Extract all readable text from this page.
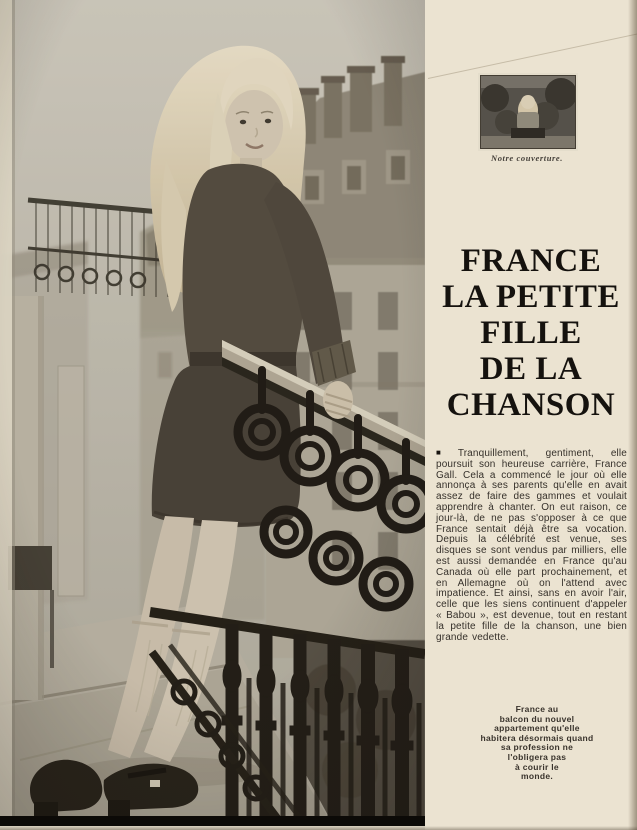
Notre couverture.
FRANCE
LA PETITE
FILLE
DE LA
CHANSON

■ Tranquillement, gentiment, elle poursuit son heureuse carrière, France Gall. Cela a commencé le jour où elle annonça à ses parents qu'elle en avait assez de faire des gammes et voulait apprendre à chanter. On eut raison, ce jour-là, de ne pas s'opposer à ce que France sentait déjà être sa vocation. Depuis la célébrité est venue, ses disques se sont vendus par milliers, elle est aussi demandée en France qu'au Canada où elle part prochainement, et en Allemagne où on l'attend avec impatience. Et ainsi, sans en avoir l'air, celle que les siens continuent d'appeler « Babou », est devenue, tout en restant la petite fille de la chanson, une bien grande vedette.

France au
balcon du nouvel
appartement qu'elle
habitera désormais quand
sa profession ne
l'obligera pas
à courir le
monde.
